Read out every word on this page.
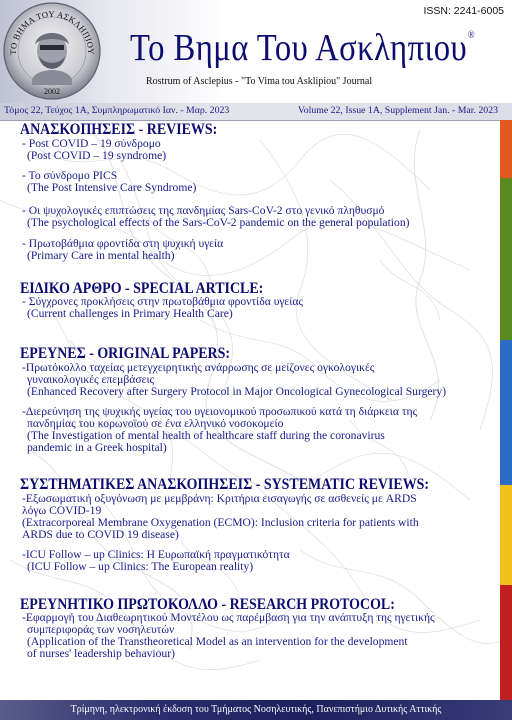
ΤΟ ΒΗΜΑ ΤΟΥ ΑΣΚΛΗΠΙΟΥ
2002
ISSN: 2241-6005
Το Βημα Του Ασκληπιου®
Rostrum of Asclepius - "To Vima tou Asklipiou" Journal
Τόμος 22, Τεύχος 1Α, Συμπληρωματικό Ιαν. - Μαρ. 2023	Volume 22, Issue 1A, Supplement Jan. - Mar. 2023
ΑΝΑΣΚΟΠΗΣΕΙΣ - REVIEWS:
- Post COVID – 19 σύνδρομο
(Post COVID – 19 syndrome)
- Το σύνδρομο PICS
(The Post Intensive Care Syndrome)
- Οι ψυχολογικές επιπτώσεις της πανδημίας Sars-CoV-2 στο γενικό πληθυσμό
(The psychological effects of the Sars-CoV-2 pandemic on the general population)
- Πρωτοβάθμια φροντίδα στη ψυχική υγεία
(Primary Care in mental health)
ΕΙΔΙΚΟ ΑΡΘΡΟ - SPECIAL ARTICLE:
- Σύγχρονες προκλήσεις στην πρωτοβάθμια φροντίδα υγείας
(Current challenges in Primary Health Care)
ΕΡΕΥΝΕΣ - ORIGINAL PAPERS:
-Πρωτόκολλο ταχείας μετεγχειρητικής ανάρρωσης σε μείζονες ογκολογικές
γυναικολογικές επεμβάσεις
(Enhanced Recovery after Surgery Protocol in Major Oncological Gynecological Surgery)
-Διερεύνηση της ψυχικής υγείας του υγειονομικού προσωπικού κατά τη διάρκεια της
πανδημίας του κορωνοϊού σε ένα ελληνικό νοσοκομείο
(The Investigation of mental health of healthcare staff during the coronavirus
pandemic in a Greek hospital)
ΣΥΣΤΗΜΑΤΙΚΕΣ ΑΝΑΣΚΟΠΗΣΕΙΣ - SYSTEMATIC REVIEWS:
-Εξωσωματική οξυγόνωση με μεμβράνη: Κριτήρια εισαγωγής σε ασθενείς με ARDS
λόγω COVID-19
(Extracorporeal Membrane Oxygenation (ECMO): Inclusion criteria for patients with
ARDS due to COVID 19 disease)
-ICU Follow – up Clinics: Η Ευρωπαϊκή πραγματικότητα
(ICU Follow – up Clinics: The European reality)
ΕΡΕΥΝΗΤΙΚΟ ΠΡΩΤΟΚΟΛΛΟ - RESEARCH PROTOCOL:
-Εφαρμογή του Διαθεωρητικού Μοντέλου ως παρέμβαση για την ανάπτυξη της ηγετικής
συμπεριφοράς των νοσηλευτών
(Application of the Transtheoretical Model as an intervention for the development
of nurses' leadership behaviour)
Τρίμηνη, ηλεκτρονική έκδοση του Τμήματος Νοσηλευτικής, Πανεπιστήμιο Δυτικής Αττικής
